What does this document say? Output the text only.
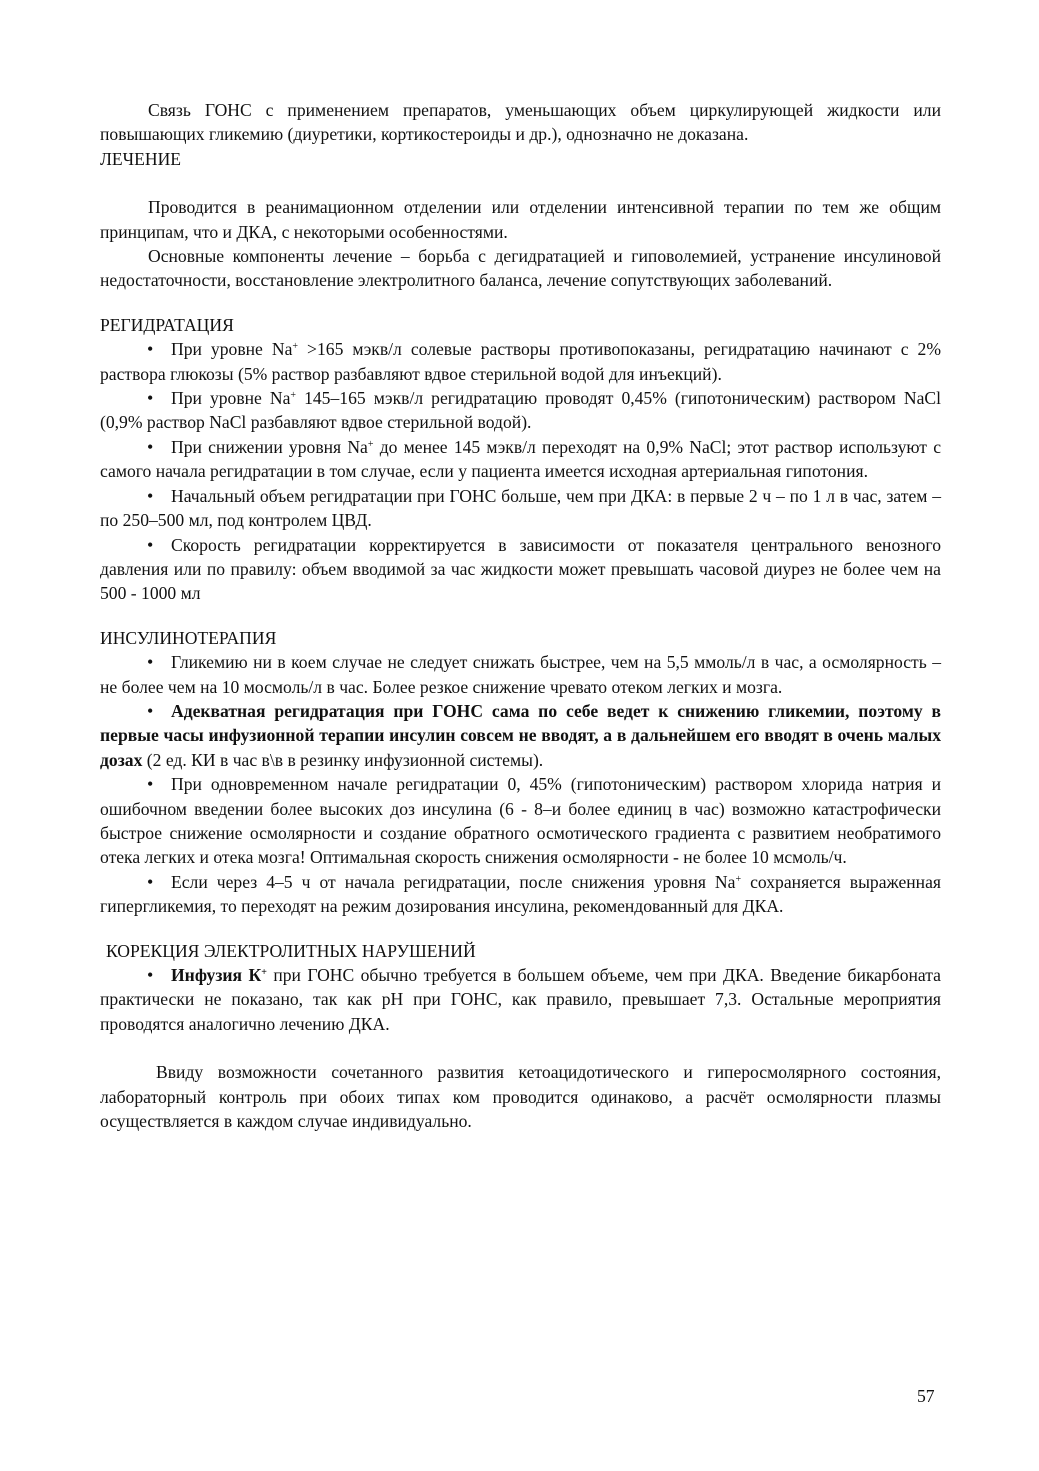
Связь ГОНС с применением препаратов, уменьшающих объем циркулирующей жидкости или повышающих гликемию (диуретики, кортикостероиды и др.), однозначно не доказана.

ЛЕЧЕНИЕ

Проводится в реанимационном отделении или отделении интенсивной терапии по тем же общим принципам, что и ДКА, с некоторыми особенностями.

Основные компоненты лечение – борьба с дегидратацией и гиповолемией, устранение инсулиновой недостаточности, восстановление электролитного баланса, лечение сопутствующих заболеваний.

РЕГИДРАТАЦИЯ

•При уровне Na+ >165 мэкв/л солевые растворы противопоказаны, регидратацию начинают с 2% раствора глюкозы (5% раствор разбавляют вдвое стерильной водой для инъекций).

•При уровне Na+ 145–165 мэкв/л регидратацию проводят 0,45% (гипотоническим) раствором NaCl (0,9% раствор NaCl разбавляют вдвое стерильной водой).

•При снижении уровня Na+ до менее 145 мэкв/л переходят на 0,9% NaCl; этот раствор используют с самого начала регидратации в том случае, если у пациента имеется исходная артериальная гипотония.

•Начальный объем регидратации при ГОНС больше, чем при ДКА: в первые 2 ч – по 1 л в час, затем – по 250–500 мл, под контролем ЦВД.

•Скорость регидратации корректируется в зависимости от показателя центрального венозного давления или по правилу: объем вводимой за час жидкости может превышать часовой диурез не более чем на 500 - 1000 мл

ИНСУЛИНОТЕРАПИЯ

•Гликемию ни в коем случае не следует снижать быстрее, чем на 5,5 ммоль/л в час, а осмолярность – не более чем на 10 мосмоль/л в час. Более резкое снижение чревато отеком легких и мозга.

•Адекватная регидратация при ГОНС сама по себе ведет к снижению гликемии, поэтому в первые часы инфузионной терапии инсулин совсем не вводят, а в дальнейшем его вводят в очень малых дозах (2 ед. КИ в час в\в в резинку инфузионной системы).

•При одновременном начале регидратации 0, 45% (гипотоническим) раствором хлорида натрия и ошибочном введении более высоких доз инсулина (6 - 8–и более единиц в час) возможно катастрофически быстрое снижение осмолярности и создание обратного осмотического градиента с развитием необратимого отека легких и отека мозга! Оптимальная скорость снижения осмолярности - не более 10 мсмоль/ч.

•Если через 4–5 ч от начала регидратации, после снижения уровня Na+ сохраняется выраженная гипергликемия, то переходят на режим дозирования инсулина, рекомендованный для ДКА.

КОРЕКЦИЯ ЭЛЕКТРОЛИТНЫХ НАРУШЕНИЙ

•Инфузия К+ при ГОНС обычно требуется в большем объеме, чем при ДКА. Введение бикарбоната практически не показано, так как pH при ГОНС, как правило, превышает 7,3. Остальные мероприятия проводятся аналогично лечению ДКА.

Ввиду возможности сочетанного развития кетоацидотического и гиперосмолярного состояния, лабораторный контроль при обоих типах ком проводится одинаково, а расчёт осмолярности плазмы осуществляется в каждом случае индивидуально.

57
